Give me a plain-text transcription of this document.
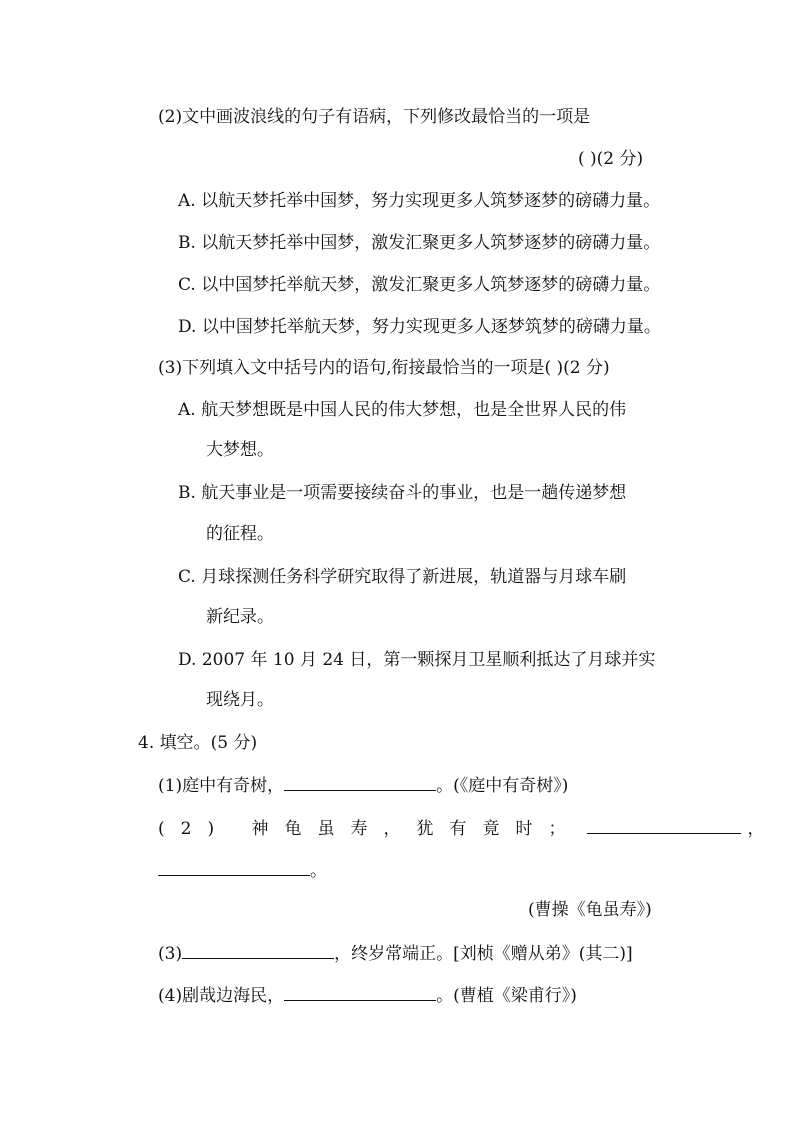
(2)文中画波浪线的句子有语病，下列修改最恰当的一项是
( )(2 分)
A. 以航天梦托举中国梦，努力实现更多人筑梦逐梦的磅礴力量。
B. 以航天梦托举中国梦，激发汇聚更多人筑梦逐梦的磅礴力量。
C. 以中国梦托举航天梦，激发汇聚更多人筑梦逐梦的磅礴力量。
D. 以中国梦托举航天梦，努力实现更多人逐梦筑梦的磅礴力量。
(3)下列填入文中括号内的语句,衔接最恰当的一项是( )(2 分)
A. 航天梦想既是中国人民的伟大梦想，也是全世界人民的伟
大梦想。
B. 航天事业是一项需要接续奋斗的事业，也是一趟传递梦想
的征程。
C. 月球探测任务科学研究取得了新进展，轨道器与月球车刷
新纪录。
D. 2007 年 10 月 24 日，第一颗探月卫星顺利抵达了月球并实
现绕月。
4. 填空。(5 分)
(1)庭中有奇树，	。(《庭中有奇树》)
(2) 神龟虽寿，犹有竟时；	，
。
(曹操《龟虽寿》)
(3)	，终岁常端正。[刘桢《赠从弟》(其二)]
(4)剧哉边海民，	。(曹植《梁甫行》)
